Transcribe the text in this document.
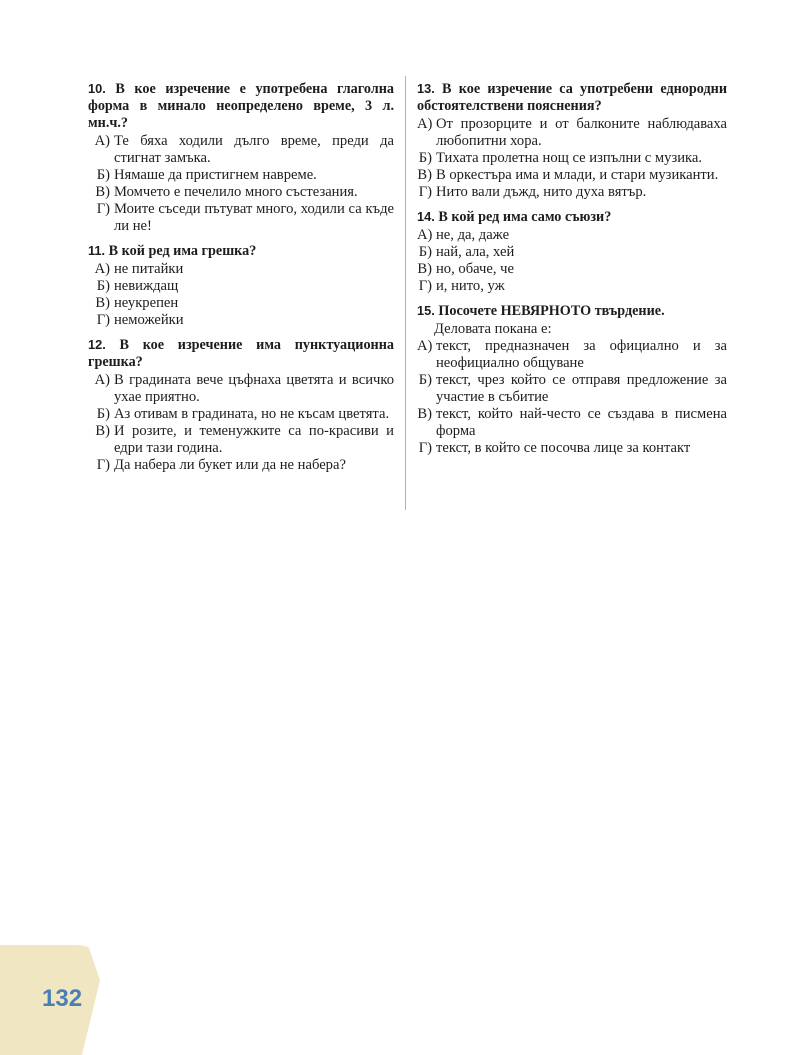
10. В кое изречение е употребена глаголна форма в минало неопределено време, 3 л. мн.ч.?
А) Те бяха ходили дълго време, преди да стигнат замъка.
Б) Нямаше да пристигнем навреме.
В) Момчето е печелило много състезания.
Г) Моите съседи пътуват много, ходили са къде ли не!
11. В кой ред има грешка?
А) не питайки
Б) невиждащ
В) неукрепен
Г) неможейки
12. В кое изречение има пунктуационна грешка?
А) В градината вече цъфнаха цветята и всичко ухае приятно.
Б) Аз отивам в градината, но не късам цветята.
В) И розите, и теменужките са по-красиви и едри тази година.
Г) Да набера ли букет или да не набера?
13. В кое изречение са употребени еднородни обстоятелствени пояснения?
А) От прозорците и от балконите наблюдаваха любопитни хора.
Б) Тихата пролетна нощ се изпълни с музика.
В) В оркестъра има и млади, и стари музиканти.
Г) Нито вали дъжд, нито духа вятър.
14. В кой ред има само съюзи?
А) не, да, даже
Б) най, ала, хей
В) но, обаче, че
Г) и, нито, уж
15. Посочете НЕВЯРНОТО твърдение.
Деловата покана е:
А) текст, предназначен за официално и за неофициално общуване
Б) текст, чрез който се отправя предложение за участие в събитие
В) текст, който най-често се създава в писмена форма
Г) текст, в който се посочва лице за контакт
132
